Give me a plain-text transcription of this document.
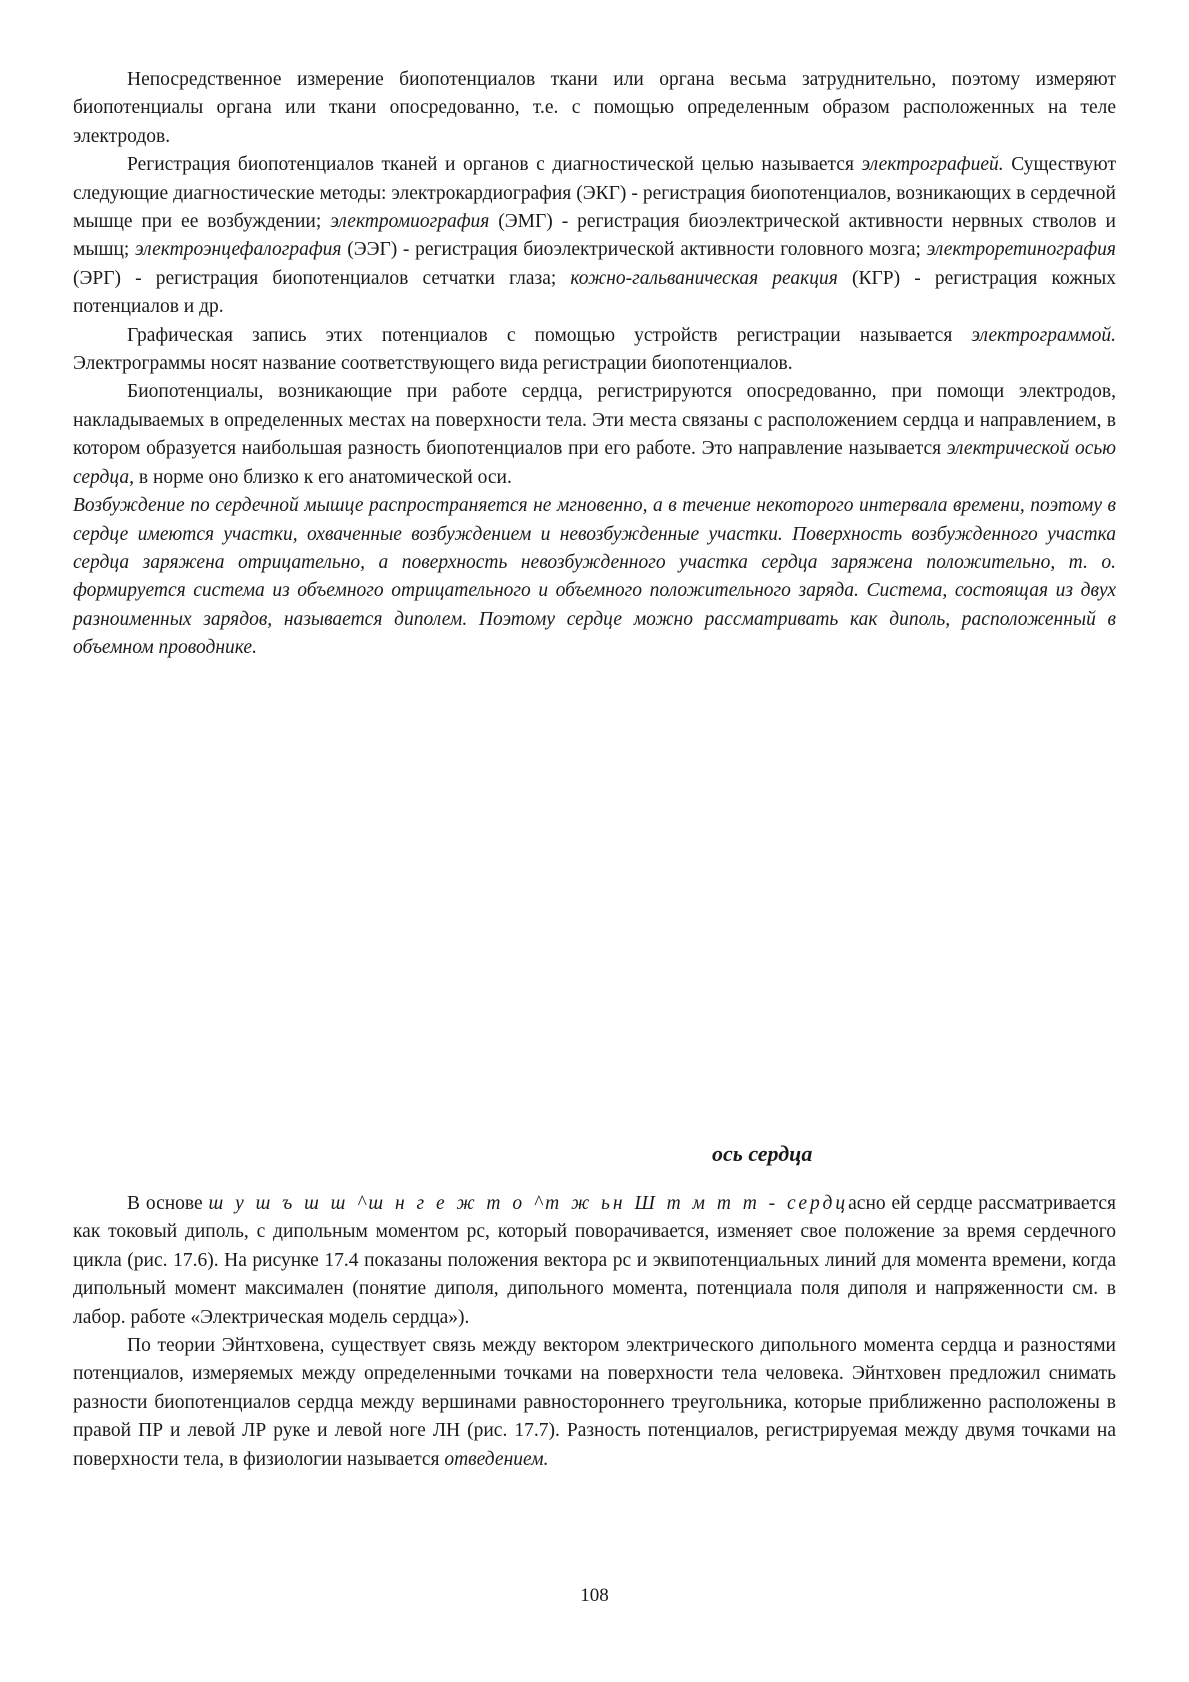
Непосредственное измерение биопотенциалов ткани или органа весьма затруднительно, поэтому измеряют биопотенциалы органа или ткани опосредованно, т.е. с помощью определенным образом расположенных на теле электродов.

Регистрация биопотенциалов тканей и органов с диагностической целью называется электрографией. Существуют следующие диагностические методы: электрокардиография (ЭКГ) - регистрация биопотенциалов, возникающих в сердечной мышце при ее возбуждении; электромиография (ЭМГ) - регистрация биоэлектрической активности нервных стволов и мышц; электроэнцефалография (ЭЭГ) - регистрация биоэлектрической активности головного мозга; электроретинография (ЭРГ) - регистрация биопотенциалов сетчатки глаза; кожно-гальваническая реакция (КГР) - регистрация кожных потенциалов и др.

Графическая запись этих потенциалов с помощью устройств регистрации называется электрограммой. Электрограммы носят название соответствующего вида регистрации биопотенциалов.

Биопотенциалы, возникающие при работе сердца, регистрируются опосредованно, при помощи электродов, накладываемых в определенных местах на поверхности тела. Эти места связаны с расположением сердца и направлением, в котором образуется наибольшая разность биопотенциалов при его работе. Это направление называется электрической осью сердца, в норме оно близко к его анатомической оси.

Возбуждение по сердечной мышце распространяется не мгновенно, а в течение некоторого интервала времени, поэтому в сердце имеются участки, охваченные возбуждением и невозбужденные участки. Поверхность возбужденного участка сердца заряжена отрицательно, а поверхность невозбужденного участка сердца заряжена положительно, т. о. формируется система из объемного отрицательного и объемного положительного заряда. Система, состоящая из двух разноименных зарядов, называется диполем. Поэтому сердце можно рассматривать как диполь, расположенный в объемном проводнике.

ось сердца

В основе ш у ш ъ ш ш ^ш н г е ж т о ^т ж ьн Ш т м т т - сердцасно ей сердце рассматривается как токовый диполь, с дипольным моментом pc, который поворачивается, изменяет свое положение за время сердечного цикла (рис. 17.6). На рисунке 17.4 показаны положения вектора pc и эквипотенциальных линий для момента времени, когда дипольный момент максимален (понятие диполя, дипольного момента, потенциала поля диполя и напряженности см. в лабор. работе «Электрическая модель сердца»).

По теории Эйнтховена, существует связь между вектором электрического дипольного момента сердца и разностями потенциалов, измеряемых между определенными точками на поверхности тела человека. Эйнтховен предложил снимать разности биопотенциалов сердца между вершинами равностороннего треугольника, которые приближенно расположены в правой ПР и левой ЛР руке и левой ноге ЛН (рис. 17.7). Разность потенциалов, регистрируемая между двумя точками на поверхности тела, в физиологии называется отведением.

108
